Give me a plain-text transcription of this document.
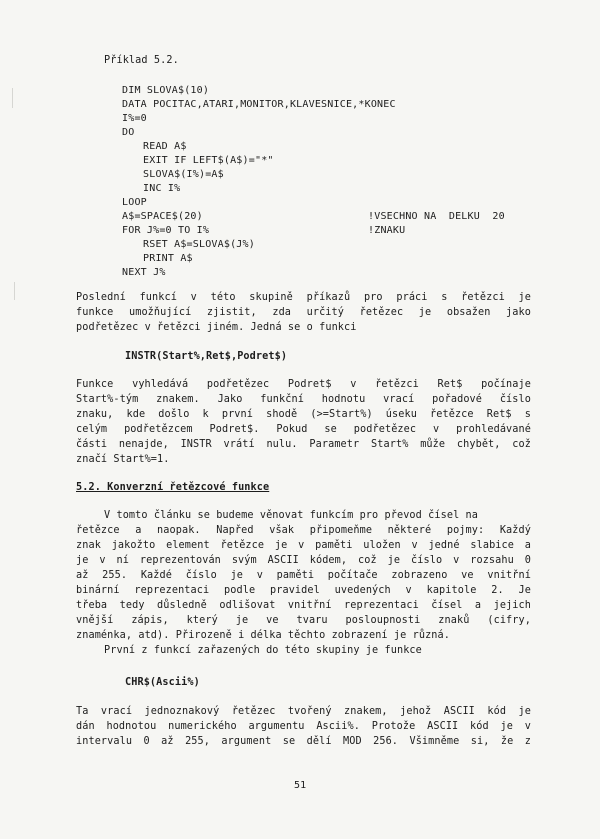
Příklad 5.2.
DIM SLOVA$(10)
DATA POCITAC,ATARI,MONITOR,KLAVESNICE,*KONEC
I%=0
DO
READ A$
EXIT IF LEFT$(A$)="*"
SLOVA$(I%)=A$
INC I%
LOOP
A$=SPACE$(20)
FOR J%=0 TO I%
RSET A$=SLOVA$(J%)
PRINT A$
NEXT J%
!VSECHNO NA  DELKU  20
!ZNAKU
Poslední funkcí v této skupině příkazů pro práci s řetězci je
funkce umožňující zjistit, zda určitý řetězec je obsažen jako
podřetězec v řetězci jiném. Jedná se o funkci
INSTR(Start%,Ret$,Podret$)
Funkce vyhledává podřetězec Podret$ v řetězci Ret$ počínaje
Start%-tým znakem. Jako funkční hodnotu vrací pořadové číslo
znaku, kde došlo k první shodě (>=Start%) úseku řetězce Ret$ s
celým podřetězcem Podret$. Pokud se podřetězec v prohledávané
části nenajde, INSTR vrátí nulu. Parametr Start% může chybět, což
značí Start%=1.
5.2. Konverzní řetězcové funkce
V tomto článku se budeme věnovat funkcím pro převod čísel na
řetězce a naopak. Napřed však připomeňme některé pojmy: Každý
znak jakožto element řetězce je v paměti uložen v jedné slabice a
je v ní reprezentován svým ASCII kódem, což je číslo v rozsahu 0
až 255. Každé číslo je v paměti počítače zobrazeno ve vnitřní
binární reprezentaci podle pravidel uvedených v kapitole 2. Je
třeba tedy důsledně odlišovat vnitřní reprezentaci čísel a jejich
vnější zápis, který je ve tvaru posloupnosti znaků (cifry,
znaménka, atd). Přirozeně i délka těchto zobrazení je různá.
První z funkcí zařazených do této skupiny je funkce
CHR$(Ascii%)
Ta vrací jednoznakový řetězec tvořený znakem, jehož ASCII kód je
dán hodnotou numerického argumentu Ascii%. Protože ASCII kód je v
intervalu 0 až 255, argument se dělí MOD 256. Všimněme si, že z
51
